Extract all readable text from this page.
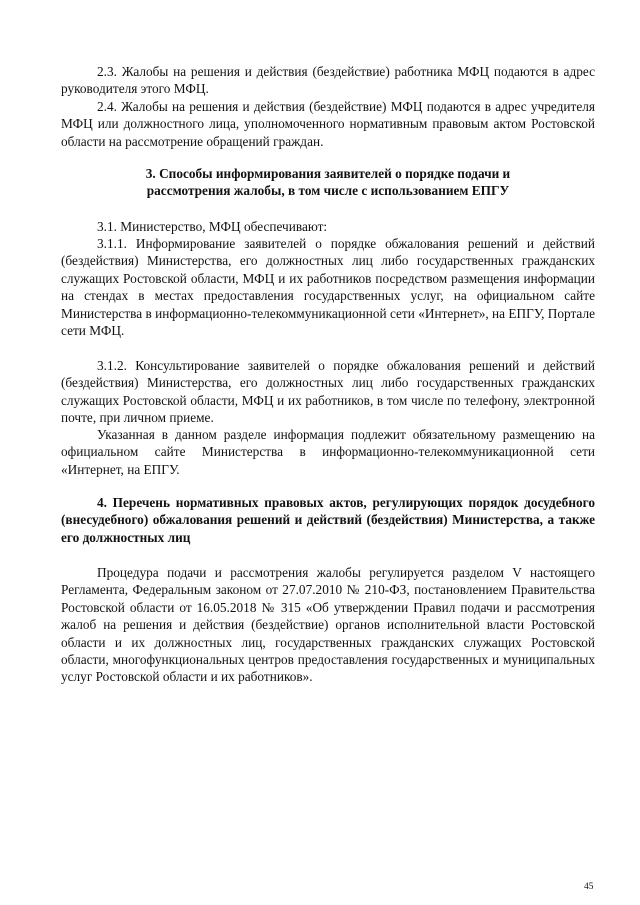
2.3. Жалобы на решения и действия (бездействие) работника МФЦ подаются в адрес руководителя этого МФЦ.

2.4. Жалобы на решения и действия (бездействие) МФЦ подаются в адрес учредителя МФЦ или должностного лица, уполномоченного нормативным правовым актом Ростовской области на рассмотрение обращений граждан.

3. Способы информирования заявителей о порядке подачи и

рассмотрения жалобы, в том числе с использованием ЕПГУ

3.1. Министерство, МФЦ обеспечивают:

3.1.1. Информирование заявителей о порядке обжалования решений и действий (бездействия) Министерства, его должностных лиц либо государственных гражданских служащих Ростовской области, МФЦ и их работников посредством размещения информации на стендах в местах предоставления государственных услуг, на официальном сайте Министерства в информационно-телекоммуникационной сети «Интернет», на ЕПГУ, Портале сети МФЦ.

3.1.2. Консультирование заявителей о порядке обжалования решений и действий (бездействия) Министерства, его должностных лиц либо государственных гражданских служащих Ростовской области, МФЦ и их работников, в том числе по телефону, электронной почте, при личном приеме.

Указанная в данном разделе информация подлежит обязательному размещению на официальном сайте Министерства в информационно-телекоммуникационной сети «Интернет, на ЕПГУ.

4. Перечень нормативных правовых актов, регулирующих порядок досудебного (внесудебного) обжалования решений и действий (бездействия) Министерства, а также его должностных лиц

Процедура подачи и рассмотрения жалобы регулируется разделом V настоящего Регламента, Федеральным законом от 27.07.2010 № 210-ФЗ, постановлением Правительства Ростовской области от 16.05.2018 № 315 «Об утверждении Правил подачи и рассмотрения жалоб на решения и действия (бездействие) органов исполнительной власти Ростовской области и их должностных лиц, государственных гражданских служащих Ростовской области, многофункциональных центров предоставления государственных и муниципальных услуг Ростовской области и их работников».

45
